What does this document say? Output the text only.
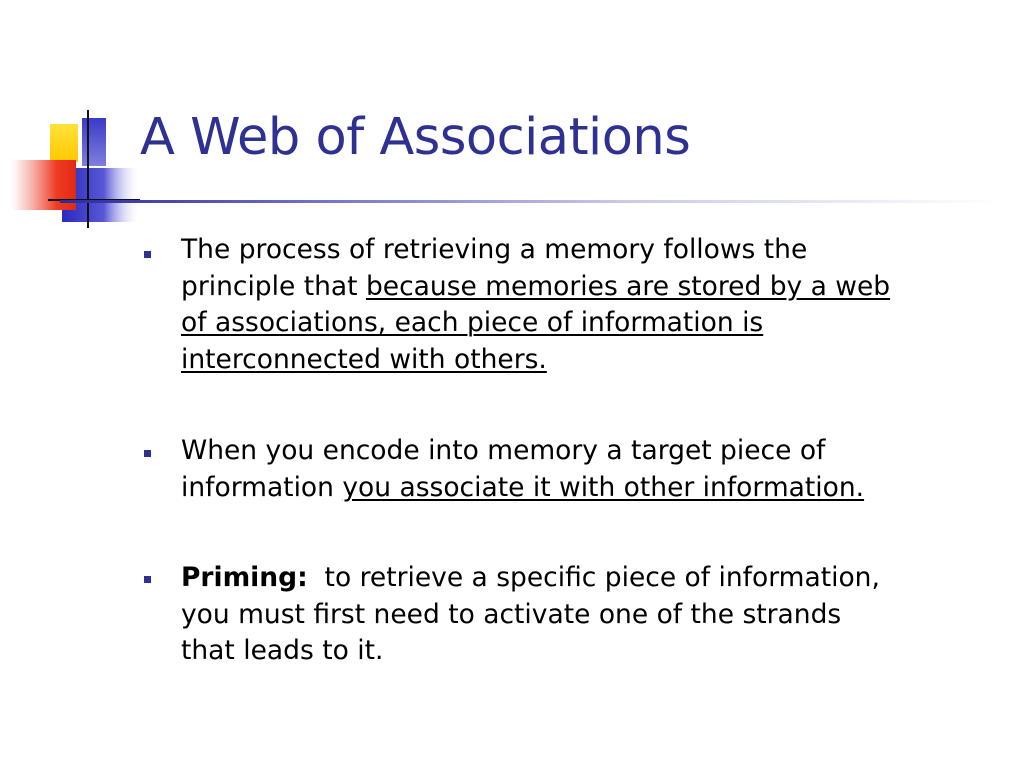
A Web of Associations
The process of retrieving a memory follows the
principle that because memories are stored by a web
of associations, each piece of information is
interconnected with others.
When you encode into memory a target piece of
information you associate it with other information.
Priming:  to retrieve a specific piece of information,
you must first need to activate one of the strands
that leads to it.
